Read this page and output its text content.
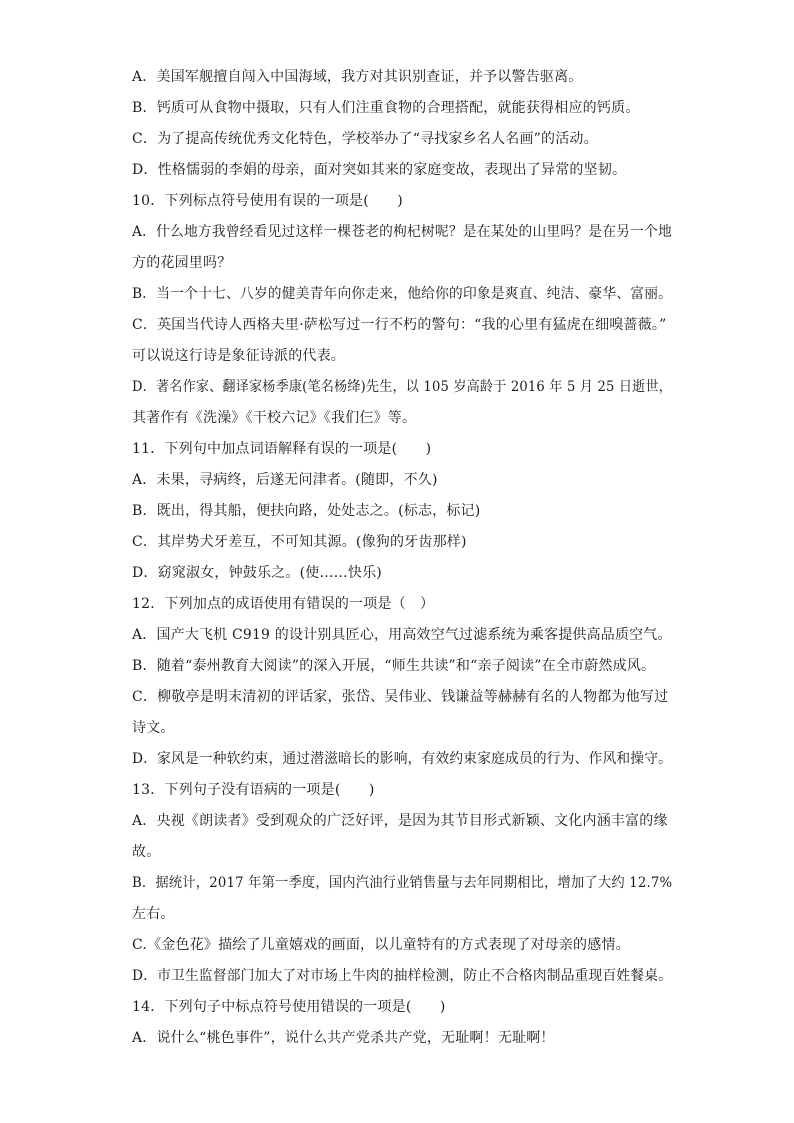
A．美国军舰擅自闯入中国海域，我方对其识别查证，并予以警告驱离。
B．钙质可从食物中摄取，只有人们注重食物的合理搭配，就能获得相应的钙质。
C．为了提高传统优秀文化特色，学校举办了“寻找家乡名人名画”的活动。
D．性格懦弱的李娟的母亲，面对突如其来的家庭变故，表现出了异常的坚韧。
10．下列标点符号使用有误的一项是(　　)
A．什么地方我曾经看见过这样一棵苍老的枸杞树呢？是在某处的山里吗？是在另一个地
方的花园里吗？
B．当一个十七、八岁的健美青年向你走来，他给你的印象是爽直、纯洁、豪华、富丽。
C．英国当代诗人西格夫里·萨松写过一行不朽的警句：“我的心里有猛虎在细嗅蔷薇。”
可以说这行诗是象征诗派的代表。
D．著名作家、翻译家杨季康(笔名杨绛)先生，以 105 岁高龄于 2016 年 5 月 25 日逝世，
其著作有《洗澡》《干校六记》《我们仨》等。
11．下列句中加点词语解释有误的一项是(　　)
A．未果，寻病终，后遂无问津者。(随即，不久)
B．既出，得其船，便扶向路，处处志之。(标志，标记)
C．其岸势犬牙差互，不可知其源。(像狗的牙齿那样)
D．窈窕淑女，钟鼓乐之。(使……快乐)
12．下列加点的成语使用有错误的一项是（　）
A．国产大飞机 C919 的设计别具匠心，用高效空气过滤系统为乘客提供高品质空气。
B．随着“泰州教育大阅读”的深入开展，“师生共读”和“亲子阅读”在全市蔚然成风。
C．柳敬亭是明末清初的评话家，张岱、吴伟业、钱谦益等赫赫有名的人物都为他写过
诗文。
D．家风是一种软约束，通过潜滋暗长的影响，有效约束家庭成员的行为、作风和操守。
13．下列句子没有语病的一项是(　　)
A．央视《朗读者》受到观众的广泛好评，是因为其节目形式新颖、文化内涵丰富的缘
故。
B．据统计，2017 年第一季度，国内汽油行业销售量与去年同期相比，增加了大约 12.7%
左右。
C.《金色花》描绘了儿童嬉戏的画面，以儿童特有的方式表现了对母亲的感情。
D．市卫生监督部门加大了对市场上牛肉的抽样检测，防止不合格肉制品重现百姓餐桌。
14．下列句子中标点符号使用错误的一项是(　　)
A．说什么“桃色事件”，说什么共产党杀共产党，无耻啊！无耻啊！
